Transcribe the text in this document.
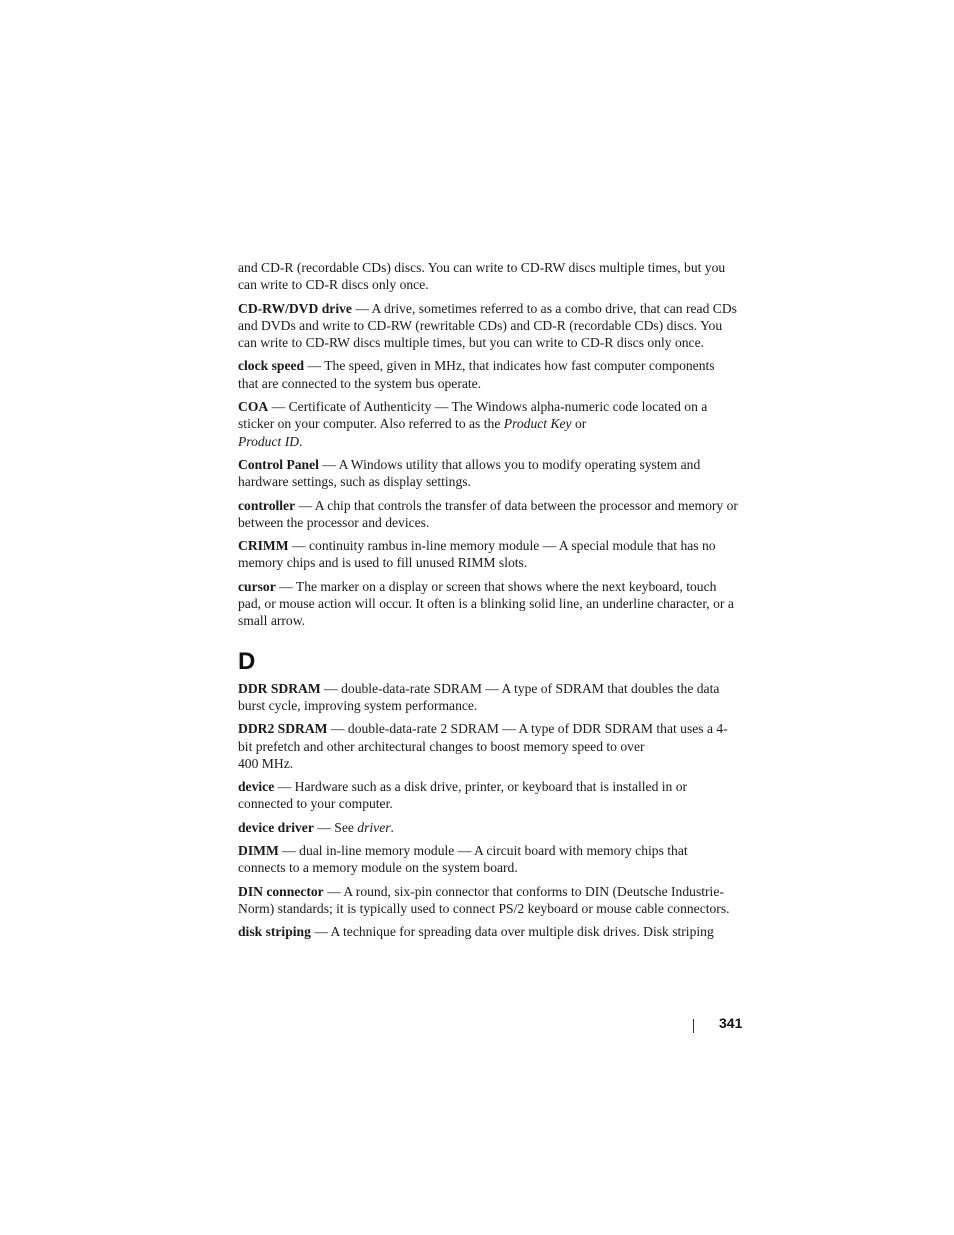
and CD-R (recordable CDs) discs. You can write to CD-RW discs multiple times, but you can write to CD-R discs only once.

CD-RW/DVD drive — A drive, sometimes referred to as a combo drive, that can read CDs and DVDs and write to CD-RW (rewritable CDs) and CD-R (recordable CDs) discs. You can write to CD-RW discs multiple times, but you can write to CD-R discs only once.

clock speed — The speed, given in MHz, that indicates how fast computer components that are connected to the system bus operate.

COA — Certificate of Authenticity — The Windows alpha-numeric code located on a sticker on your computer. Also referred to as the Product Key or
Product ID.

Control Panel — A Windows utility that allows you to modify operating system and hardware settings, such as display settings.

controller — A chip that controls the transfer of data between the processor and memory or between the processor and devices.

CRIMM — continuity rambus in-line memory module — A special module that has no memory chips and is used to fill unused RIMM slots.

cursor — The marker on a display or screen that shows where the next keyboard, touch pad, or mouse action will occur. It often is a blinking solid line, an underline character, or a small arrow.

D

DDR SDRAM — double-data-rate SDRAM — A type of SDRAM that doubles the data burst cycle, improving system performance.

DDR2 SDRAM — double-data-rate 2 SDRAM — A type of DDR SDRAM that uses a 4-bit prefetch and other architectural changes to boost memory speed to over
400 MHz.

device — Hardware such as a disk drive, printer, or keyboard that is installed in or connected to your computer.

device driver — See driver.

DIMM — dual in-line memory module — A circuit board with memory chips that connects to a memory module on the system board.

DIN connector — A round, six-pin connector that conforms to DIN (Deutsche Industrie-Norm) standards; it is typically used to connect PS/2 keyboard or mouse cable connectors.

disk striping — A technique for spreading data over multiple disk drives. Disk striping

341
